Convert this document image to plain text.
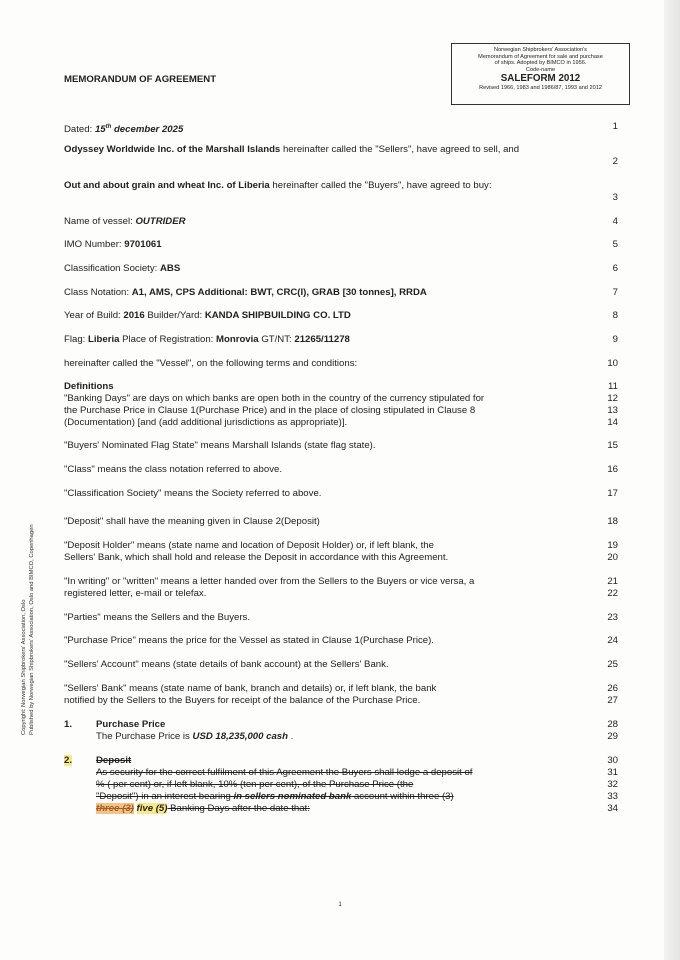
MEMORANDUM OF AGREEMENT
Norwegian Shipbrokers' Association's
Memorandum of Agreement for sale and purchase
of ships. Adopted by BIMCO in 1956.
Code-name
SALEFORM 2012
Revised 1966, 1983 and 1986/87, 1993 and 2012
Copyright: Norwegian Shipbrokers' Association, Oslo Published by Norwegian Shipbrokers' Association, Oslo and BIMCO, Copenhagen
Dated: 15th december 2025
Odyssey Worldwide Inc. of the Marshall Islands hereinafter called the "Sellers", have agreed to sell, and
Out and about grain and wheat Inc. of Liberia hereinafter called the "Buyers", have agreed to buy:
Name of vessel: OUTRIDER
IMO Number: 9701061
Classification Society: ABS
Class Notation: A1, AMS, CPS Additional: BWT, CRC(I), GRAB [30 tonnes], RRDA
Year of Build: 2016 Builder/Yard: KANDA SHIPBUILDING CO. LTD
Flag: Liberia Place of Registration: Monrovia GT/NT: 21265/11278
hereinafter called the "Vessel", on the following terms and conditions:
Definitions
"Banking Days" are days on which banks are open both in the country of the currency stipulated for
the Purchase Price in Clause 1(Purchase Price) and in the place of closing stipulated in Clause 8
(Documentation) [and (add additional jurisdictions as appropriate)].
"Buyers' Nominated Flag State" means Marshall Islands (state flag state).
"Class" means the class notation referred to above.
"Classification Society" means the Society referred to above.
"Deposit" shall have the meaning given in Clause 2(Deposit)
"Deposit Holder" means (state name and location of Deposit Holder) or, if left blank, the
Sellers' Bank, which shall hold and release the Deposit in accordance with this Agreement.
"In writing" or "written" means a letter handed over from the Sellers to the Buyers or vice versa, a
registered letter, e-mail or telefax.
"Parties" means the Sellers and the Buyers.
"Purchase Price" means the price for the Vessel as stated in Clause 1(Purchase Price).
"Sellers' Account" means (state details of bank account) at the Sellers' Bank.
"Sellers' Bank" means (state name of bank, branch and details) or, if left blank, the bank
notified by the Sellers to the Buyers for receipt of the balance of the Purchase Price.
1. Purchase Price
The Purchase Price is USD 18,235,000 cash .
2. Deposit
As security for the correct fulfilment of this Agreement the Buyers shall lodge a deposit of
% ( per cent) or, if left blank, 10% (ten per cent), of the Purchase Price (the
"Deposit") in an interest bearing in sellers nominated bank account within three (3)
three (3) five (5) Banking Days after the date that:
1
2
3
4
5
6
7
8
9
10
11
12
13
14
15
16
17
18
19
20
21
22
23
24
25
26
27
28
29
30
31
32
33
34
1
